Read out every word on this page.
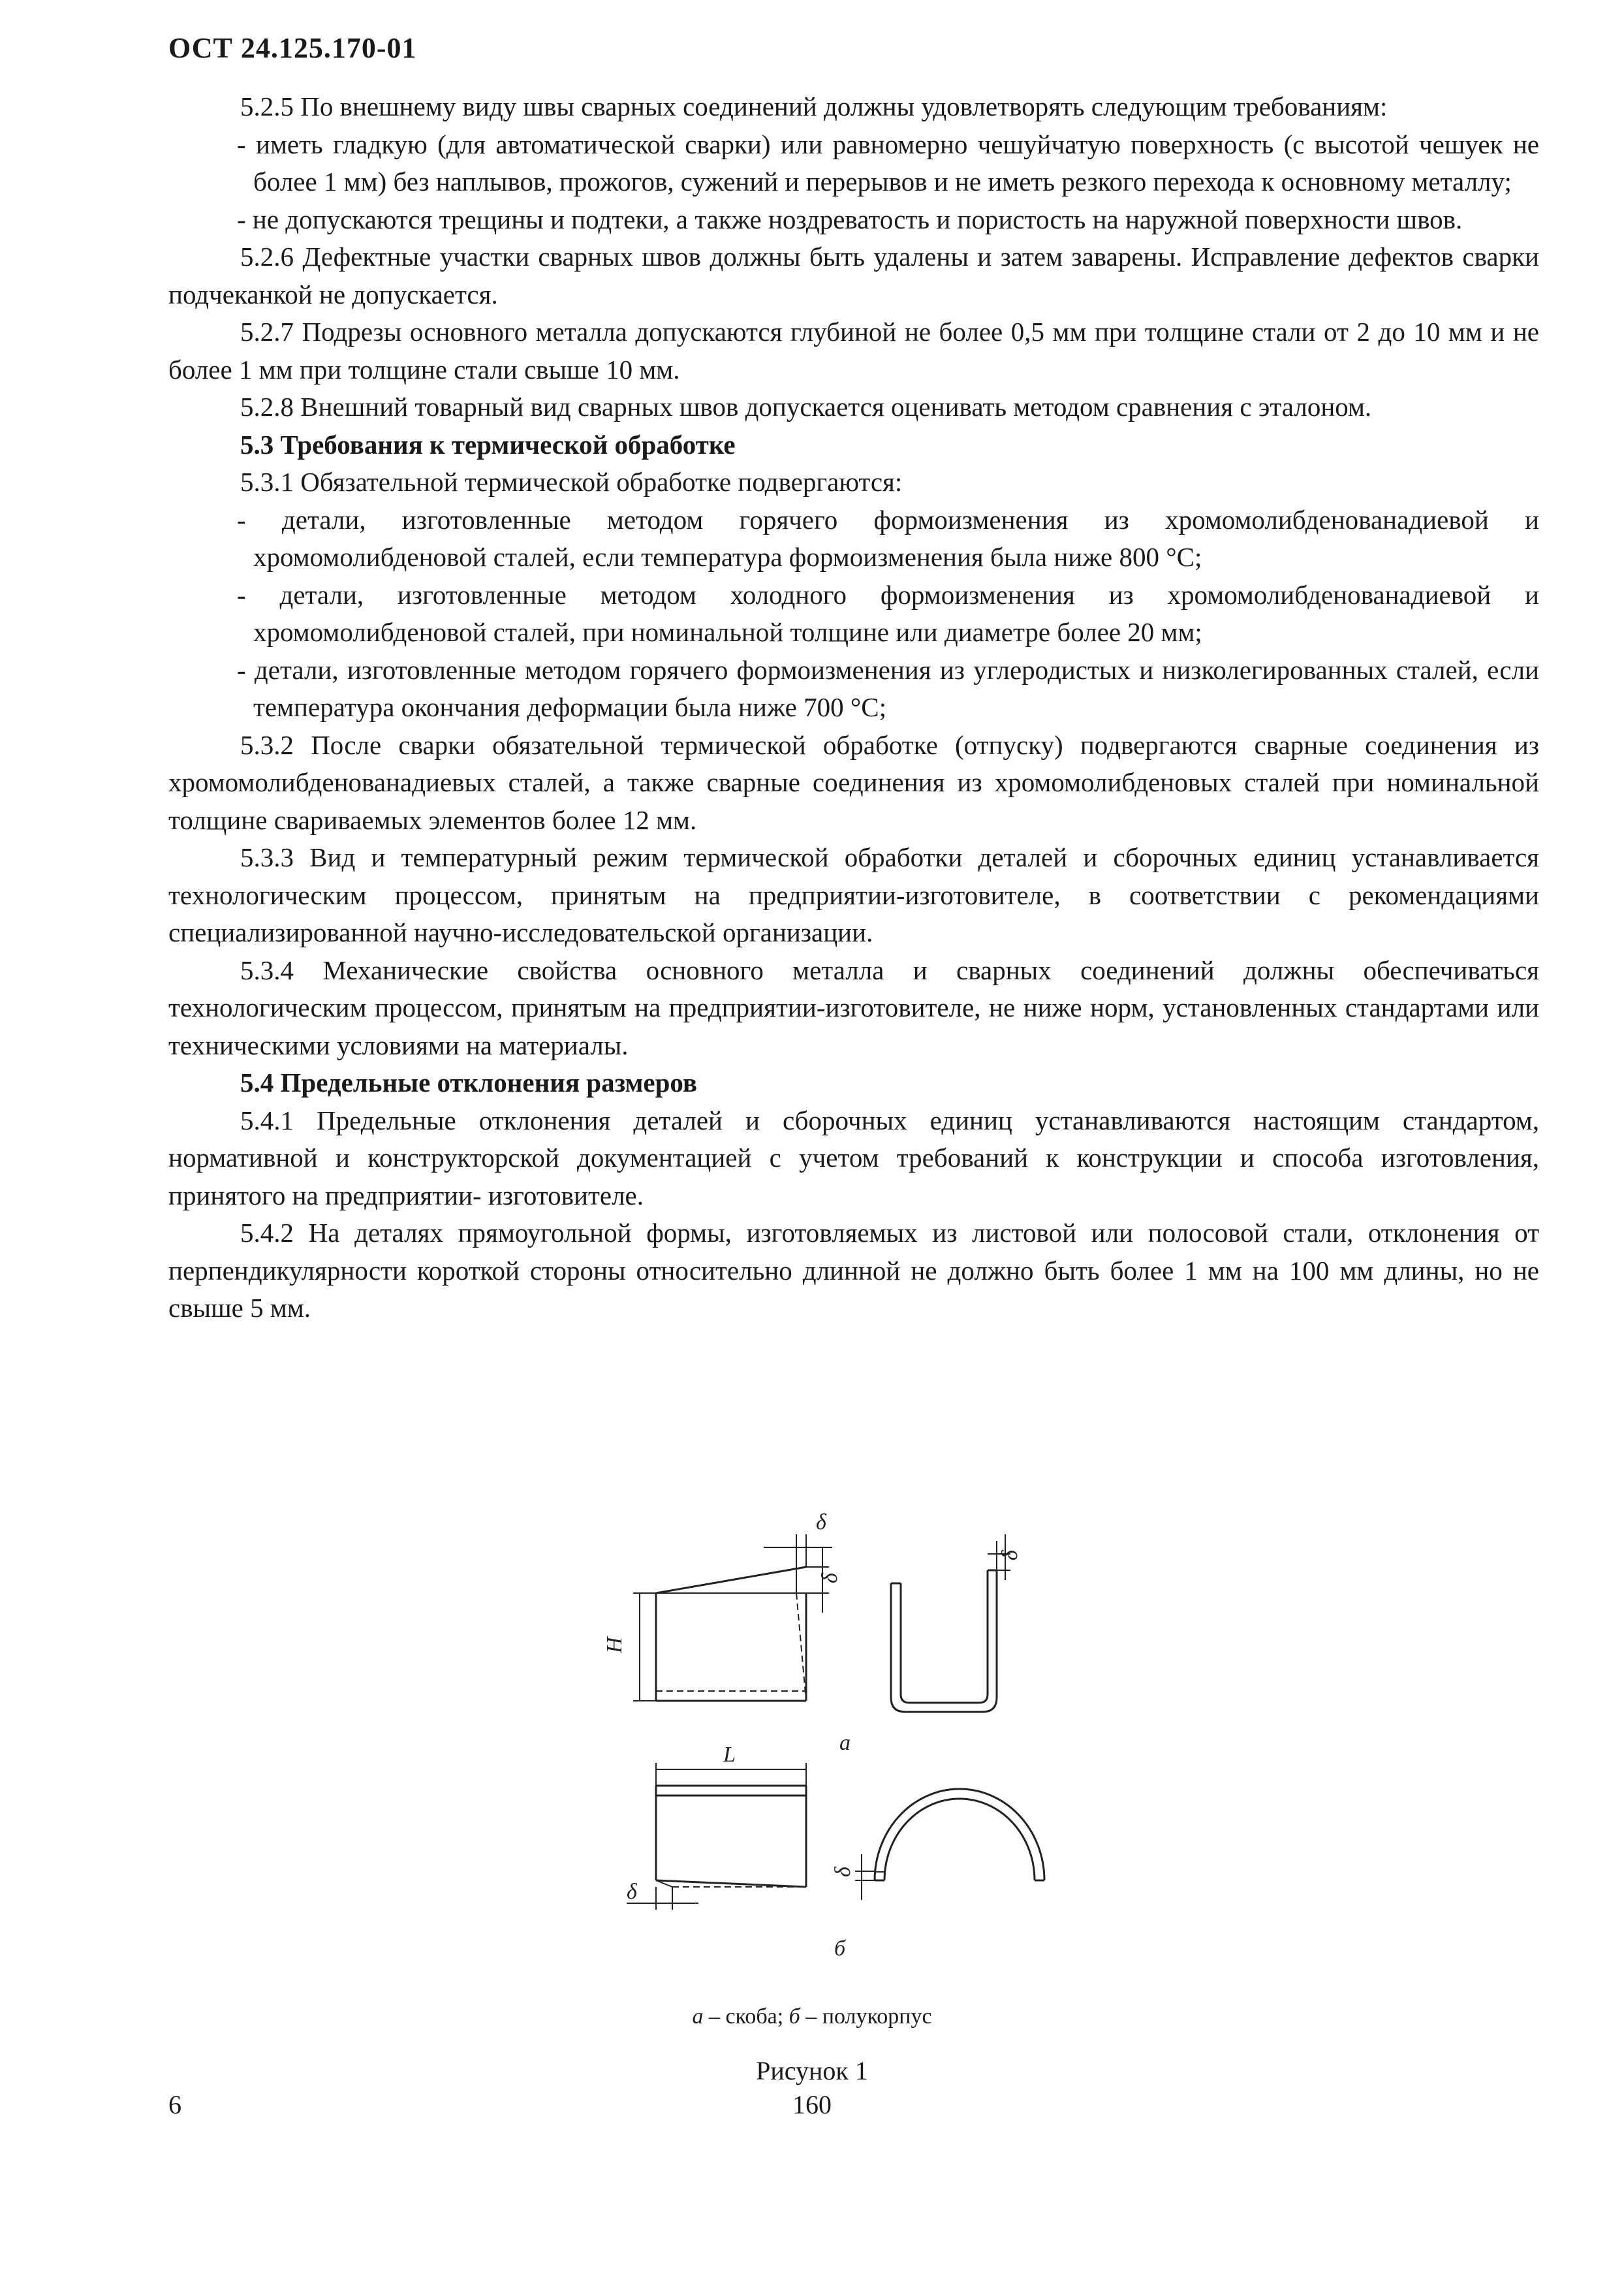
ОСТ 24.125.170-01

5.2.5 По внешнему виду швы сварных соединений должны удовлетворять следующим требованиям:

- иметь гладкую (для автоматической сварки) или равномерно чешуйчатую поверхность (с высотой чешуек не более 1 мм) без наплывов, прожогов, сужений и перерывов и не иметь резкого перехода к основному металлу;

- не допускаются трещины и подтеки, а также ноздреватость и пористость на наружной поверхности швов.

5.2.6 Дефектные участки сварных швов должны быть удалены и затем заварены. Исправление дефектов сварки подчеканкой не допускается.

5.2.7 Подрезы основного металла допускаются глубиной не более 0,5 мм при толщине стали от 2 до 10 мм и не более 1 мм при толщине стали свыше 10 мм.

5.2.8 Внешний товарный вид сварных швов допускается оценивать методом сравнения с эталоном.

5.3 Требования к термической обработке

5.3.1 Обязательной термической обработке подвергаются:

- детали, изготовленные методом горячего формоизменения из хромомолибденованадиевой и хромомолибденовой сталей, если температура формоизменения была ниже 800 °С;

- детали, изготовленные методом холодного формоизменения из хромомолибденованадиевой и хромомолибденовой сталей, при номинальной толщине или диаметре более 20 мм;

- детали, изготовленные методом горячего формоизменения из углеродистых и низколегированных сталей, если температура окончания деформации была ниже 700 °С;

5.3.2 После сварки обязательной термической обработке (отпуску) подвергаются сварные соединения из хромомолибденованадиевых сталей, а также сварные соединения из хромомолибденовых сталей при номинальной толщине свариваемых элементов более 12 мм.

5.3.3 Вид и температурный режим термической обработки деталей и сборочных единиц устанавливается технологическим процессом, принятым на предприятии-изготовителе, в соответствии с рекомендациями специализированной научно-исследовательской организации.

5.3.4 Механические свойства основного металла и сварных соединений должны обеспечиваться технологическим процессом, принятым на предприятии-изготовителе, не ниже норм, установленных стандартами или техническими условиями на материалы.

5.4 Предельные отклонения размеров

5.4.1 Предельные отклонения деталей и сборочных единиц устанавливаются настоящим стандартом, нормативной и конструкторской документацией с учетом требований к конструкции и способа изготовления, принятого на предприятии- изготовителе.

5.4.2 На деталях прямоугольной формы, изготовляемых из листовой или полосовой стали, отклонения от перпендикулярности короткой стороны относительно длинной не должно быть более 1 мм на 100 мм длины, но не свыше 5 мм.

H
L
δ
δ
δ
δ
δ
а
б
а – скоба; б – полукорпус
Рисунок 1
6	160
